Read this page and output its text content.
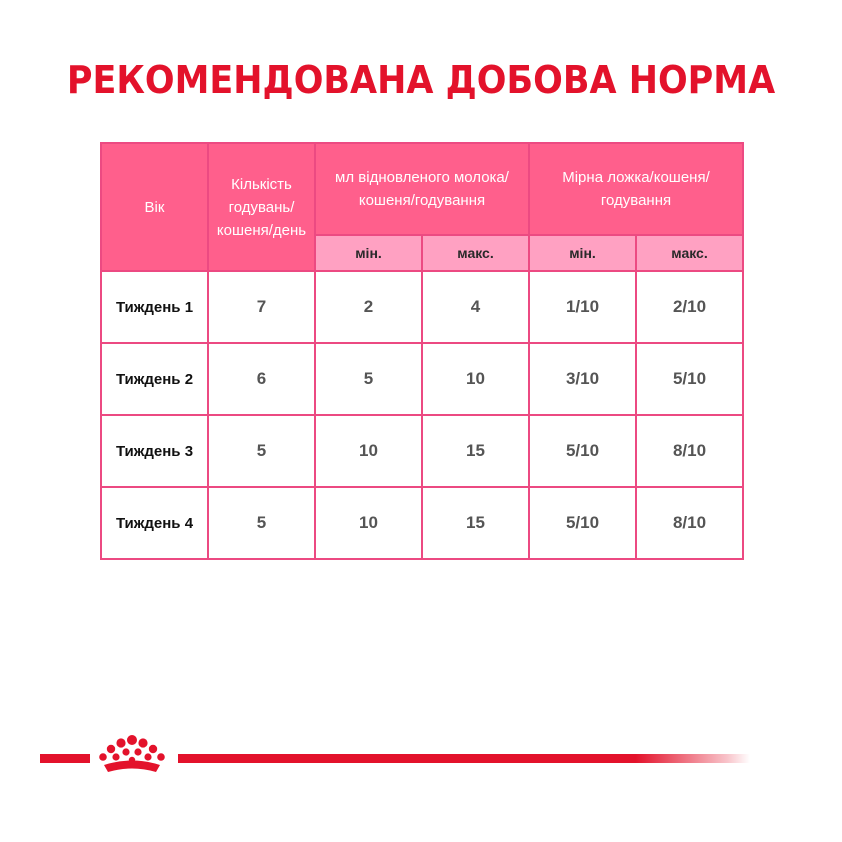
РЕКОМЕНДОВАНА ДОБОВА НОРМА
Вік	Кількість годувань/ кошеня/день	мл відновленого молока/ кошеня/годування		Мірна ложка/кошеня/ годування	
		мін.	макс.	мін.	макс.
Тиждень 1	7	2	4	1/10	2/10
Тиждень 2	6	5	10	3/10	5/10
Тиждень 3	5	10	15	5/10	8/10
Тиждень 4	5	10	15	5/10	8/10
